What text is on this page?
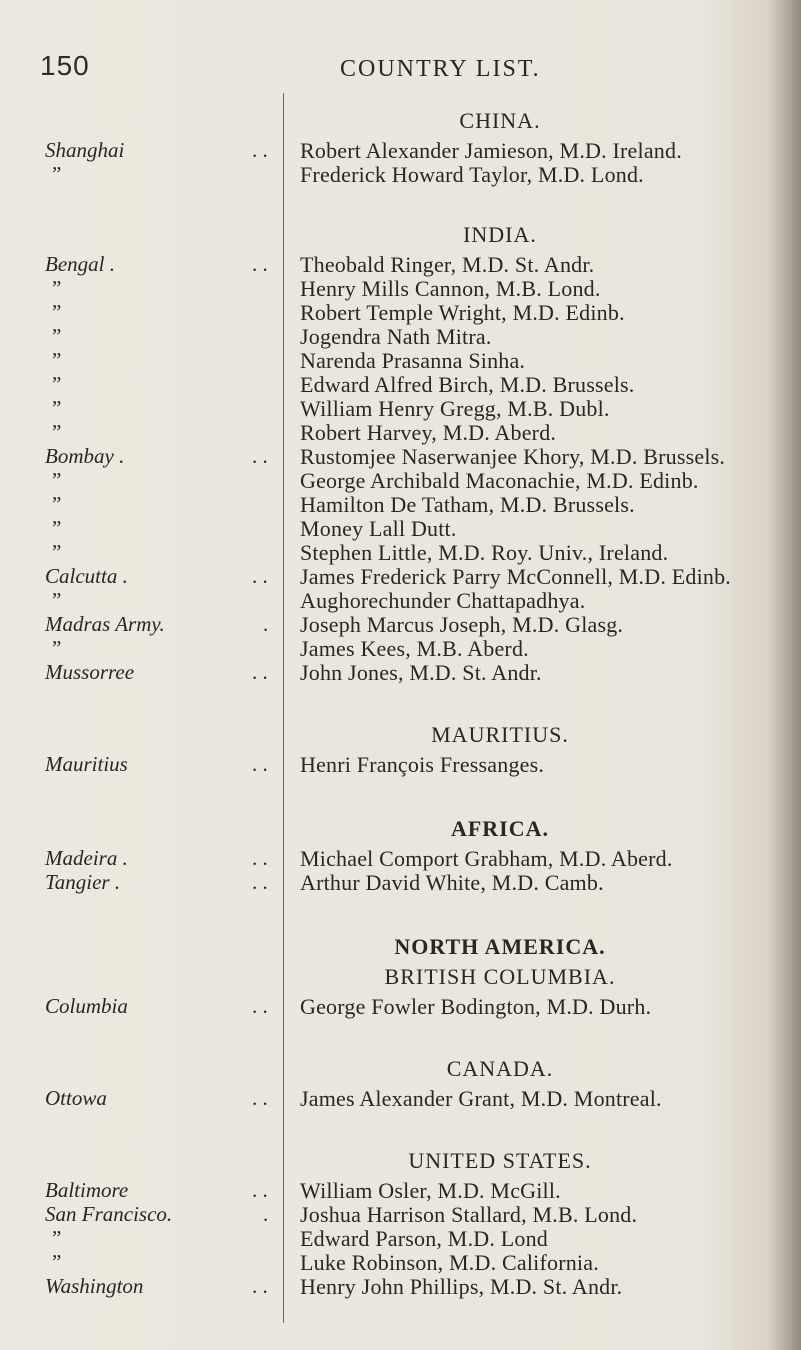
150	COUNTRY LIST.
CHINA.
Shanghai	. . Robert Alexander Jamieson, M.D. Ireland.
”	Frederick Howard Taylor, M.D. Lond.
INDIA.
Bengal .	. . Theobald Ringer, M.D. St. Andr.
”	Henry Mills Cannon, M.B. Lond.
”	Robert Temple Wright, M.D. Edinb.
”	Jogendra Nath Mitra.
”	Narenda Prasanna Sinha.
”	Edward Alfred Birch, M.D. Brussels.
”	William Henry Gregg, M.B. Dubl.
”	Robert Harvey, M.D. Aberd.
Bombay .	. . Rustomjee Naserwanjee Khory, M.D. Brussels.
”	George Archibald Maconachie, M.D. Edinb.
”	Hamilton De Tatham, M.D. Brussels.
”	Money Lall Dutt.
”	Stephen Little, M.D. Roy. Univ., Ireland.
Calcutta .	. . James Frederick Parry McConnell, M.D. Edinb.
”	Aughorechunder Chattapadhya.
Madras Army.	. Joseph Marcus Joseph, M.D. Glasg.
”	James Kees, M.B. Aberd.
Mussorree	. . John Jones, M.D. St. Andr.
MAURITIUS.
Mauritius	. . Henri François Fressanges.
AFRICA.
Madeira .	. . Michael Comport Grabham, M.D. Aberd.
Tangier .	. . Arthur David White, M.D. Camb.
NORTH AMERICA.
BRITISH COLUMBIA.
Columbia	. . George Fowler Bodington, M.D. Durh.
CANADA.
Ottowa	. . James Alexander Grant, M.D. Montreal.
UNITED STATES.
Baltimore	. . William Osler, M.D. McGill.
San Francisco.	. Joshua Harrison Stallard, M.B. Lond.
”	Edward Parson, M.D. Lond
”	Luke Robinson, M.D. California.
Washington	. . Henry John Phillips, M.D. St. Andr.
